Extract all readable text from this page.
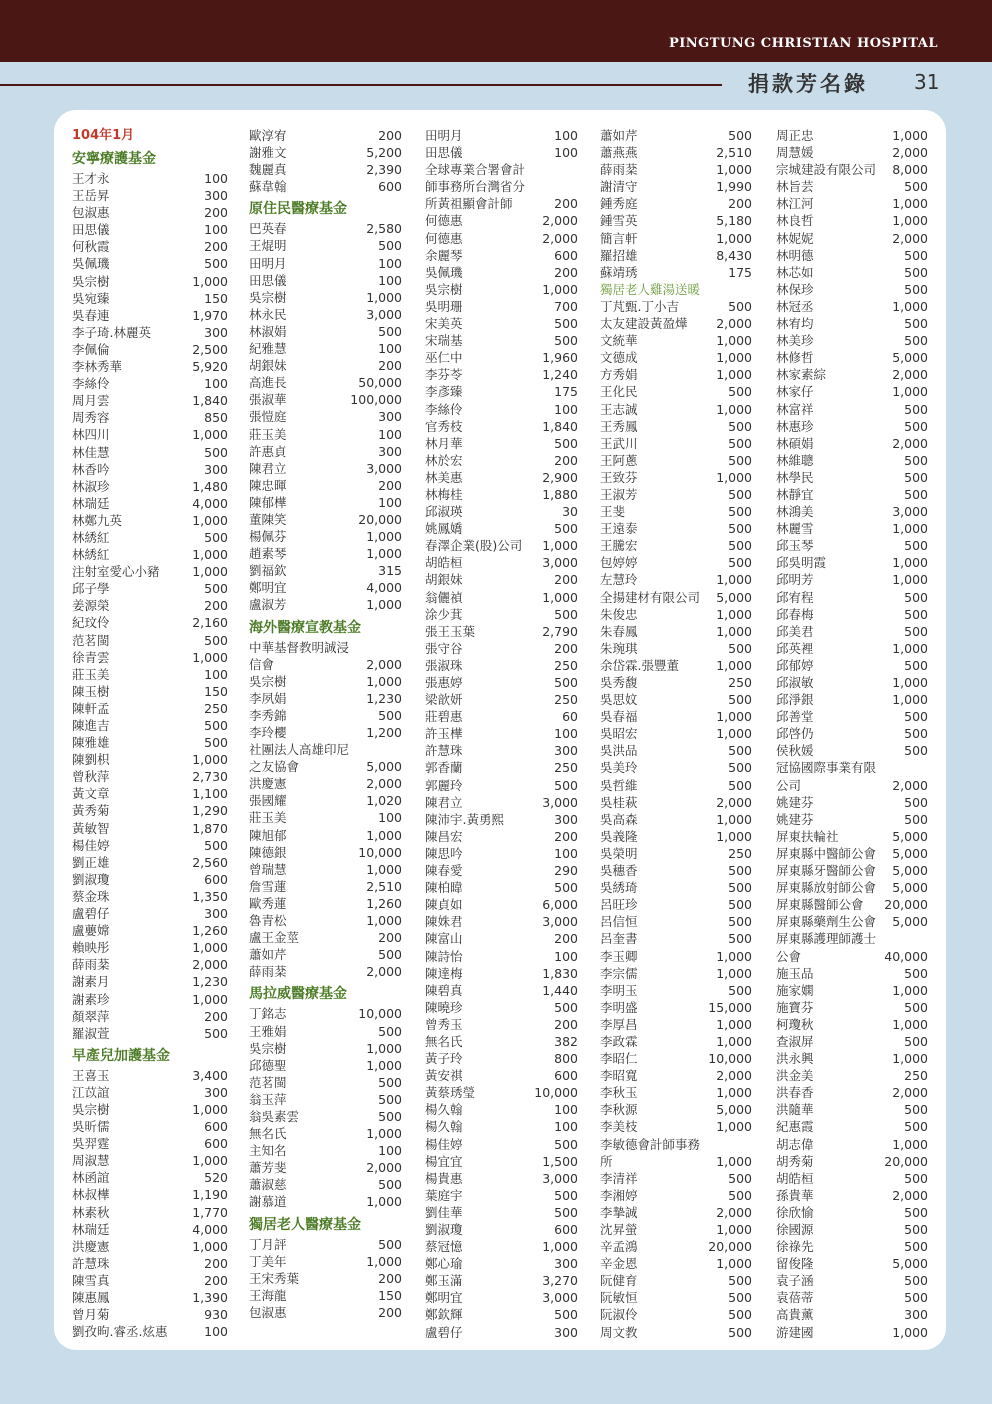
PINGTUNG CHRISTIAN HOSPITAL
捐款芳名錄 31
104年1月
安寧療護基金
王才永	100
王岳昇	300
包淑惠	200
田思儀	100
何秋霞	200
吳佩璣	500
吳宗樹	1,000
吳宛臻	150
吳春連	1,970
李子琦.林麗英	300
李佩倫	2,500
李林秀華	5,920
李絲伶	100
周月雲	1,840
周秀容	850
林四川	1,000
林佳慧	500
林香吟	300
林淑珍	1,480
林瑞廷	4,000
林鄭九英	1,000
林綉紅	500
林綉紅	1,000
注射室愛心小豬	1,000
邱子學	500
姜源榮	200
紀玟伶	2,160
范茗閩	500
徐青雲	1,000
莊玉美	100
陳玉樹	150
陳軒孟	250
陳進吉	500
陳雅雄	500
陳劉枳	1,000
曾秋萍	2,730
黃文章	1,100
黃秀菊	1,290
黃敏智	1,870
楊佳婷	500
劉正雄	2,560
劉淑瓊	600
蔡金珠	1,350
盧碧仔	300
盧蘡嫦	1,260
賴映彤	1,000
薛雨棻	2,000
謝素月	1,230
謝素珍	1,000
顏翠萍	200
羅淑萱	500
早產兒加護基金
王喜玉	3,400
江苡誼	300
吳宗樹	1,000
吳昕儒	600
吳羿霆	600
周淑慧	1,000
林函誼	520
林叔樺	1,190
林素秋	1,770
林瑞廷	4,000
洪慶憲	1,000
許慧珠	200
陳雪真	200
陳惠鳳	1,390
曾月菊	930
劉孜昫.睿丞.炫惠	100
歐淳宥	200
謝雅文	5,200
魏麗真	2,390
蘇韋翰	600
原住民醫療基金
巴英春	2,580
王焜明	500
田明月	100
田思儀	100
吳宗樹	1,000
林永民	3,000
林淑娟	500
紀雅慧	100
胡銀妹	200
高進長	50,000
張淑華	100,000
張愷庭	300
莊玉美	100
許惠貞	300
陳君立	3,000
陳忠暉	200
陳郁樺	100
董陳笑	20,000
楊佩芬	1,000
趙素琴	1,000
劉福欽	315
鄭明宜	4,000
盧淑芳	1,000
海外醫療宣教基金
中華基督教明誠浸
信會	2,000
吳宗樹	1,000
李夙娟	1,230
李秀錦	500
李玲櫻	1,200
社團法人高雄印尼
之友協會	5,000
洪慶憲	2,000
張國耀	1,020
莊玉美	100
陳旭郁	1,000
陳德銀	10,000
曾瑞慧	1,000
詹雪蓮	2,510
歐秀蓮	1,260
魯青松	1,000
盧王金莖	200
蕭如芹	500
薛雨棻	2,000
馬拉威醫療基金
丁銘志	10,000
王雅娟	500
吳宗樹	1,000
邱德聖	1,000
范茗閩	500
翁玉萍	500
翁吳素雲	500
無名氏	1,000
主知名	100
蕭芳斐	2,000
蕭淑慈	500
謝慕道	1,000
獨居老人醫療基金
丁月評	500
丁美年	1,000
王宋秀葉	200
王海龍	150
包淑惠	200
田明月	100
田思儀	100
全球專業合署會計
師事務所台灣省分
所黃祖顯會計師	200
何德惠	2,000
何德惠	2,000
余麗琴	600
吳佩璣	200
吳宗樹	1,000
吳明珊	700
宋美英	500
宋瑞基	500
巫仁中	1,960
李芬苓	1,240
李彥臻	175
李絲伶	100
官秀枝	1,840
林月華	500
林於宏	200
林美惠	2,900
林梅桂	1,880
邱淑瑛	30
姚鳳嬌	500
春澤企業(股)公司 1,000
胡皓桓	3,000
胡銀妹	200
翁儷禎	1,000
涂少萁	500
張王玉葉	2,790
張守谷	200
張淑珠	250
張惠婷	500
梁歆妍	250
莊碧惠	60
許玉樺	100
許慧珠	300
郭香蘭	250
郭麗玲	500
陳君立	3,000
陳沛宇.黃勇熙	300
陳昌宏	200
陳思吟	100
陳春愛	290
陳柏暐	500
陳貞如	6,000
陳姝君	3,000
陳富山	200
陳詩怡	100
陳達梅	1,830
陳碧真	1,440
陳曉珍	500
曾秀玉	200
無名氏	382
黃子玲	800
黃安祺	600
黃蔡琇瑩	10,000
楊久翰	100
楊久翰	100
楊佳婷	500
楊宜宜	1,500
楊貴惠	3,000
葉庭宇	500
劉佳華	500
劉淑瓊	600
蔡冠憶	1,000
鄭心瑜	300
鄭玉滿	3,270
鄭明宜	3,000
鄭欽輝	500
盧碧仔	300
蕭如芹	500
蕭燕燕	2,510
薛雨棻	1,000
謝清守	1,990
鍾秀庭	200
鍾雪英	5,180
簡言軒	1,000
羅招雄	8,430
蘇靖琇	175
獨居老人雞湯送暖
丁芃甄.丁小吉	500
太友建設黃盈燁 2,000
文統華	1,000
文德成	1,000
方秀娟	1,000
王化民	500
王志誠	1,000
王秀鳳	500
王武川	500
王阿蔥	500
王致芬	1,000
王淑芳	500
王斐	500
王遠泰	500
王騰宏	500
包婷婷	500
左慧玲	1,000
全揚建材有限公司 5,000
朱俊忠	1,000
朱春鳳	1,000
朱琬琪	500
余岱霖.張豐董	1,000
吳秀馥	250
吳思妏	500
吳春福	1,000
吳昭宏	1,000
吳洪品	500
吳美玲	500
吳哲維	500
吳桂萩	2,000
吳高森	1,000
吳義隆	1,000
吳榮明	250
吳穗香	500
吳綉琦	500
呂旺珍	500
呂信恒	500
呂奎書	500
李玉卿	1,000
李宗儒	1,000
李明玉	500
李明盛	15,000
李厚昌	1,000
李政霖	1,000
李昭仁	10,000
李昭寬	2,000
李秋玉	1,000
李秋源	5,000
李美枝	1,000
李敏德會計師事務
所	1,000
李清祥	500
李湘婷	500
李摯誠	2,000
沈昇螢	1,000
辛孟鴻	20,000
辛金恩	1,000
阮健育	500
阮敏恒	500
阮淑伶	500
周文教	500
周正忠	1,000
周慧媛	2,000
宗城建設有限公司 8,000
林旨芸	500
林江河	1,000
林良哲	1,000
林妮妮	2,000
林明德	500
林芯如	500
林保珍	500
林冠丞	1,000
林宥均	500
林美珍	500
林修哲	5,000
林家素綜	2,000
林家仔	1,000
林富祥	500
林惠珍	500
林碩娟	2,000
林維聰	500
林學民	500
林靜宜	500
林鴻美	3,000
林麗雪	1,000
邱玉琴	500
邱吳明霞	1,000
邱明芳	1,000
邱宥程	500
邱春梅	500
邱美君	500
邱英裡	1,000
邱郁婷	500
邱淑敏	1,000
邱淨銀	1,000
邱善堂	500
邱啓仍	500
侯秋媛	500
冠協國際事業有限
公司	2,000
姚建芬	500
姚建芬	500
屏東扶輪社	5,000
屏東縣中醫師公會 5,000
屏東縣牙醫師公會 5,000
屏東縣放射師公會 5,000
屏東縣醫師公會 20,000
屏東縣藥劑生公會 5,000
屏東縣護理師護士
公會	40,000
施玉品	500
施家嫻	1,000
施寶芬	500
柯瓊秋	1,000
查淑屏	500
洪永興	1,000
洪金美	250
洪春香	2,000
洪隨華	500
紀惠霞	500
胡志偉	1,000
胡秀菊	20,000
胡皓桓	500
孫貴華	2,000
徐欣愉	500
徐國源	500
徐祿先	500
留俊隆	5,000
袁子涵	500
袁蓓蒂	500
高貴薰	300
游建國	1,000
